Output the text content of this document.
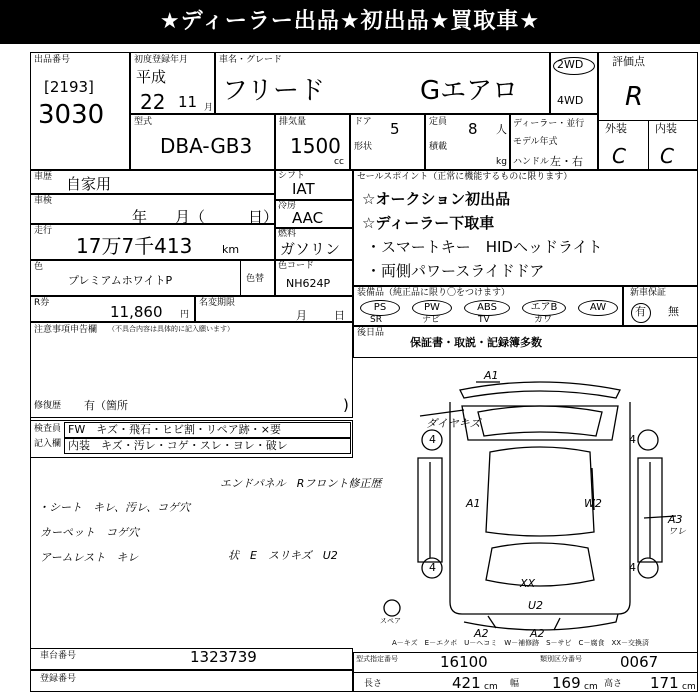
★ディーラー出品★初出品★買取車★
出品番号
[2193]
3030
初度登録年月
平成
22 11 月
車名・グレード
フリード	Gエアロ
2WD
4WD
評価点
R
外装	内装
C C
型式
DBA-GB3
排気量
1500
cc
ドア 5
形状
定員 8 人
積載
kg
ディーラー・並行
モデル年式
ハンドル 左・右
車歴 自家用
車検
年 月（	日）
走行
17万7千413	km
色
プレミアムホワイトP	色替
R券	11,860 円
名変期限
月 日
シフト
IAT
冷房
AAC
燃料
ガソリン
色コード
NH624P
セールスポイント（正常に機能するものに限ります）
☆オークション初出品
☆ディーラー下取車
・スマートキー　HIDヘッドライト
・両側パワースライドドア
装備品（純正品に限り〇をつけます）
PS
SR
PW
ナビ
ABS
TV
エアB
カワ
AW
新車保証
有 無
後日品
保証書・取説・記録簿多数
注意事項申告欄 （不具合内容は具体的に記入願います）
修復歴 有（箇所	)
検査員
記入欄
FW　キズ・飛石・ヒビ割・リペア跡・×要
内装　キズ・汚レ・コゲ・スレ・ヨレ・破レ
エンドパネル　Rフロント修正歴
・シート　キレ、汚レ、コゲ穴
カーペット　コゲ穴
アームレスト　キレ	状　E　スリキズ　U2
ダイヤキズ
A1
A1	W2
A3
ワレ
XX
U2
A2	A2
4	4
4	4
スペア
A－キズ　E－エクボ　U－ヘコミ　W－補修跡　S－サビ　C－腐食　XX－交換済
車台番号	1323739
登録番号
型式指定番号	16100	類別区分番号	0067
長さ	421 cm 幅 169 cm 高さ 171 cm
